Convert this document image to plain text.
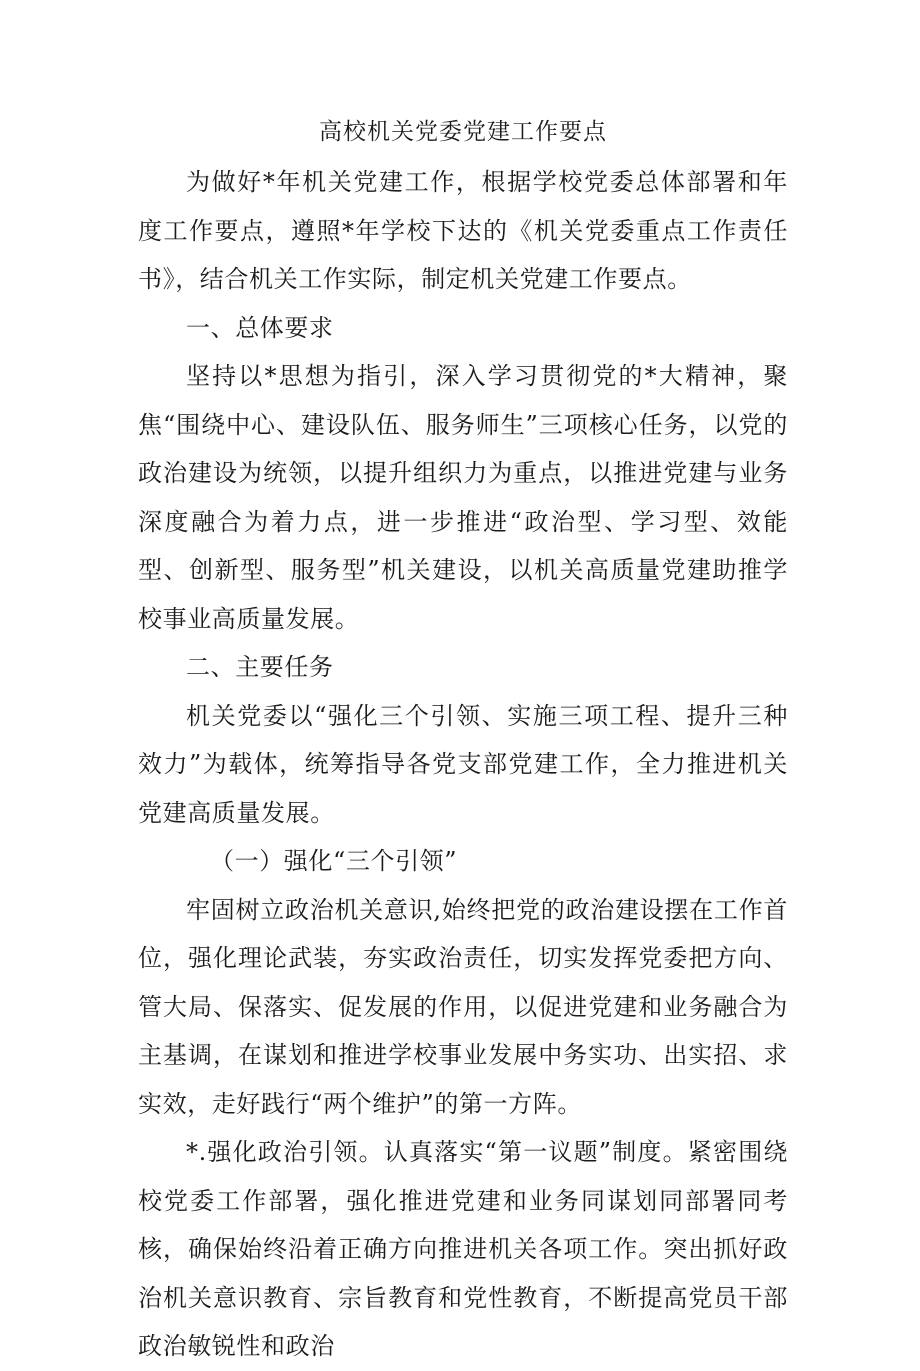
高校机关党委党建工作要点

为做好*年机关党建工作，根据学校党委总体部署和年度工作要点，遵照*年学校下达的《机关党委重点工作责任书》，结合机关工作实际，制定机关党建工作要点。

一、总体要求

坚持以*思想为指引，深入学习贯彻党的*大精神，聚焦“围绕中心、建设队伍、服务师生”三项核心任务，以党的政治建设为统领，以提升组织力为重点，以推进党建与业务深度融合为着力点，进一步推进“政治型、学习型、效能型、创新型、服务型”机关建设，以机关高质量党建助推学校事业高质量发展。

二、主要任务

机关党委以“强化三个引领、实施三项工程、提升三种效力”为载体，统筹指导各党支部党建工作，全力推进机关党建高质量发展。

（一）强化“三个引领”

牢固树立政治机关意识,始终把党的政治建设摆在工作首位，强化理论武装，夯实政治责任，切实发挥党委把方向、管大局、保落实、促发展的作用，以促进党建和业务融合为主基调，在谋划和推进学校事业发展中务实功、出实招、求实效，走好践行“两个维护”的第一方阵。

*.强化政治引领。认真落实“第一议题”制度。紧密围绕校党委工作部署，强化推进党建和业务同谋划同部署同考核，确保始终沿着正确方向推进机关各项工作。突出抓好政治机关意识教育、宗旨教育和党性教育，不断提高党员干部政治敏锐性和政治
